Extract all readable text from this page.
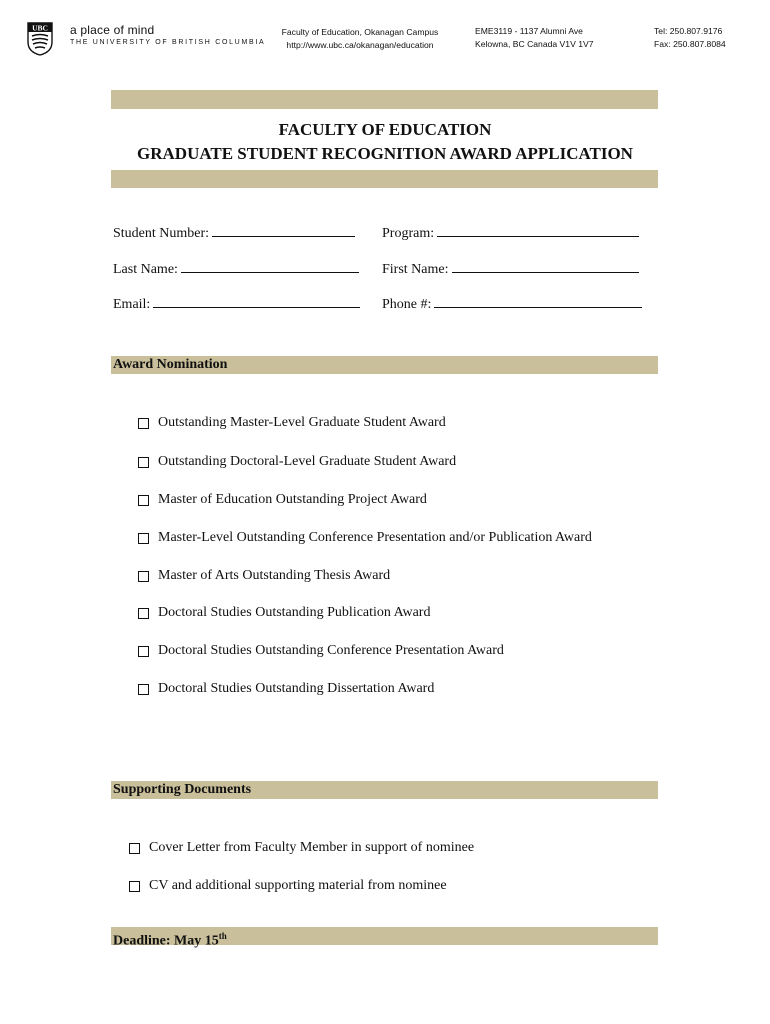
UBC a place of mind
THE UNIVERSITY OF BRITISH COLUMBIA
Faculty of Education, Okanagan Campus
http://www.ubc.ca/okanagan/education
EME3119 - 1137 Alumni Ave
Kelowna, BC Canada V1V 1V7
Tel: 250.807.9176
Fax: 250.807.8084
FACULTY OF EDUCATION
GRADUATE STUDENT RECOGNITION AWARD APPLICATION
Student Number:	Program:
Last Name:	First Name:
Email:	Phone #:
Award Nomination
Outstanding Master-Level Graduate Student Award
Outstanding Doctoral-Level Graduate Student Award
Master of Education Outstanding Project Award
Master-Level Outstanding Conference Presentation and/or Publication Award
Master of Arts Outstanding Thesis Award
Doctoral Studies Outstanding Publication Award
Doctoral Studies Outstanding Conference Presentation Award
Doctoral Studies Outstanding Dissertation Award
Supporting Documents
Cover Letter from Faculty Member in support of nominee
CV and additional supporting material from nominee
Deadline: May 15th
